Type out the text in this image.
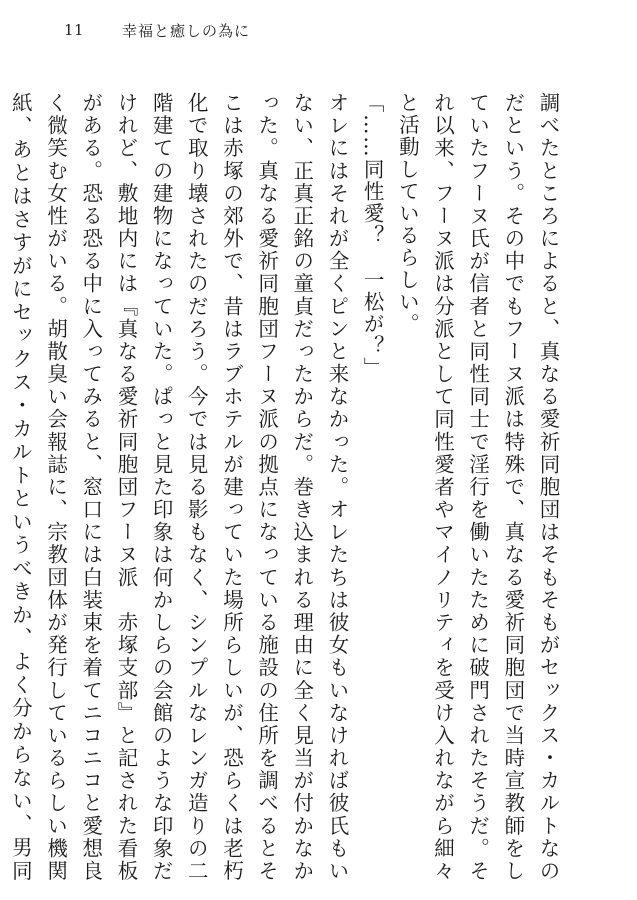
11	幸福と癒しの為に

調べたところによると、真なる愛祈同胞団はそもそもがセックス・カルトなのだという。その中でもフーヌ派は特殊で、真なる愛祈同胞団で当時宣教師をしていたフーヌ氏が信者と同性同士で淫行を働いたために破門されたそうだ。それ以来、フーヌ派は分派として同性愛者やマイノリティを受け入れながら細々と活動しているらしい。

「……同性愛？　一松が？」

オレにはそれが全くピンと来なかった。オレたちは彼女もいなければ彼氏もいない、正真正銘の童貞だったからだ。巻き込まれる理由に全く見当が付かなかった。真なる愛祈同胞団フーヌ派の拠点になっている施設の住所を調べるとそこは赤塚の郊外で、昔はラブホテルが建っていた場所らしいが、恐らくは老朽化で取り壊されたのだろう。今では見る影もなく、シンプルなレンガ造りの二階建ての建物になっていた。ぱっと見た印象は何かしらの会館のような印象だけれど、敷地内には『真なる愛祈同胞団フーヌ派　赤塚支部』と記された看板がある。恐る恐る中に入ってみると、窓口には白装束を着てニコニコと愛想良く微笑む女性がいる。胡散臭い会報誌に、宗教団体が発行しているらしい機関紙、あとはさすがにセックス・カルトというべきか、よく分からない、男同
